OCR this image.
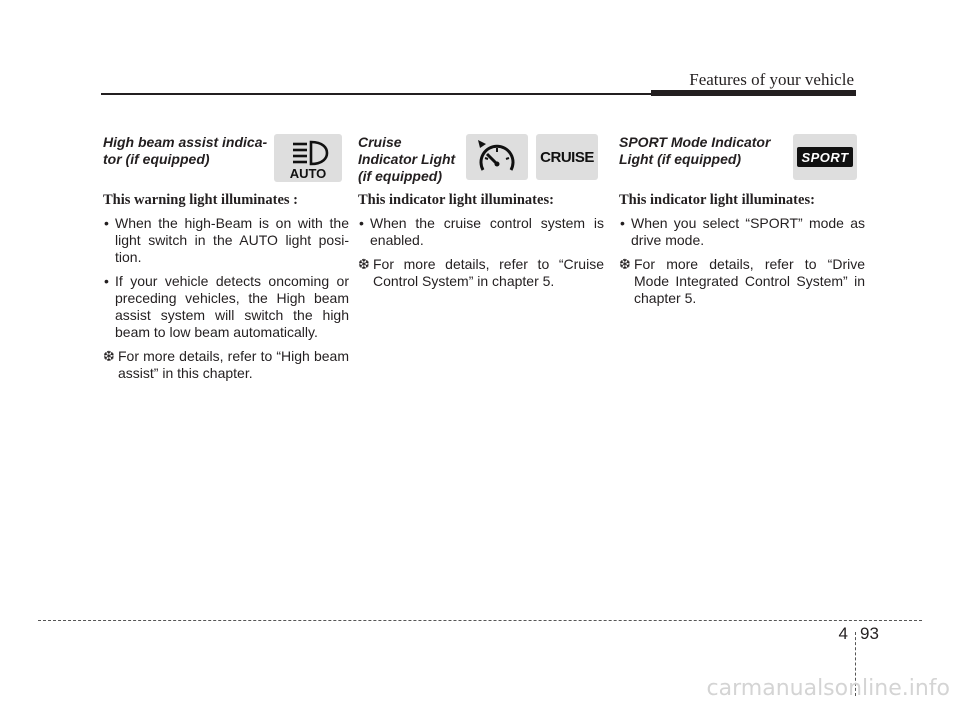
Features of your vehicle
High beam assist indica-
tor (if equipped)
AUTO

This warning light illuminates :

• When the high-Beam is on with the light switch in the AUTO light posi-tion.

• If your vehicle detects oncoming or preceding vehicles, the High beam assist system will switch the high beam to low beam automatically.

❆ For more details, refer to “High beam assist” in this chapter.

Cruise
Indicator Light
(if equipped)
CRUISE

This indicator light illuminates:

• When the cruise control system is enabled.

❆ For more details, refer to “Cruise Control System” in chapter 5.

SPORT Mode Indicator
Light (if equipped)	SPORT

This indicator light illuminates:

• When you select “SPORT” mode as drive mode.

❆ For more details, refer to “Drive Mode Integrated Control System” in chapter 5.

4 93
carmanualsonline.info
